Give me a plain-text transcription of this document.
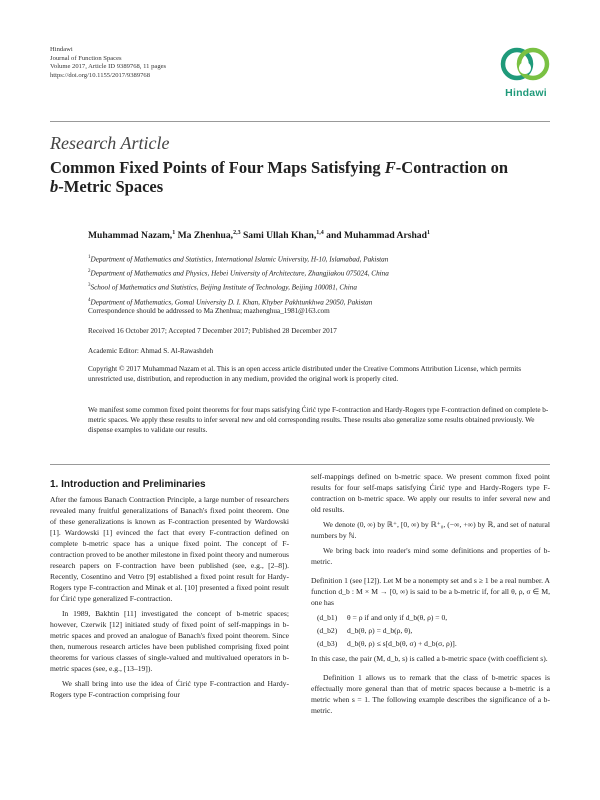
Hindawi
Journal of Function Spaces
Volume 2017, Article ID 9389768, 11 pages
https://doi.org/10.1155/2017/9389768
Hindawi
Research Article
Common Fixed Points of Four Maps Satisfying F-Contraction on
b-Metric Spaces
Muhammad Nazam,$^1$ Ma Zhenhua,$^{2,3}$ Sami Ullah Khan,$^{1,4}$ and Muhammad Arshad$^1$
$^1$Department of Mathematics and Statistics, International Islamic University, H-10, Islamabad, Pakistan
$^2$Department of Mathematics and Physics, Hebei University of Architecture, Zhangjiakou 075024, China
$^3$School of Mathematics and Statistics, Beijing Institute of Technology, Beijing 100081, China
$^4$Department of Mathematics, Gomal University D. I. Khan, Khyber Pakhtunkhwa 29050, Pakistan
Correspondence should be addressed to Ma Zhenhua; mazhenghua_1981@163.com
Received 16 October 2017; Accepted 7 December 2017; Published 28 December 2017
Academic Editor: Ahmad S. Al-Rawashdeh
Copyright © 2017 Muhammad Nazam et al. This is an open access article distributed under the Creative Commons Attribution License, which permits unrestricted use, distribution, and reproduction in any medium, provided the original work is properly cited.
We manifest some common fixed point theorems for four maps satisfying Ćirić type F-contraction and Hardy-Rogers type F-contraction defined on complete b-metric spaces. We apply these results to infer several new and old corresponding results. These results also generalize some results obtained previously. We dispense examples to validate our results.
1. Introduction and Preliminaries

After the famous Banach Contraction Principle, a large number of researchers revealed many fruitful generalizations of Banach's fixed point theorem. One of these generalizations is known as F-contraction presented by Wardowski [1]. Wardowski [1] evinced the fact that every F-contraction defined on complete b-metric space has a unique fixed point. The concept of F-contraction proved to be another milestone in fixed point theory and numerous research papers on F-contraction have been published (see, e.g., [2–8]). Recently, Cosentino and Vetro [9] established a fixed point result for Hardy-Rogers type F-contraction and Minak et al. [10] presented a fixed point result for Ćirić type generalized F-contraction.

In 1989, Bakhtin [11] investigated the concept of b-metric spaces; however, Czerwik [12] initiated study of fixed point of self-mappings in b-metric spaces and proved an analogue of Banach's fixed point theorem. Since then, numerous research articles have been published comprising fixed point theorems for various classes of single-valued and multivalued operators in b-metric spaces (see, e.g., [13–19]).

We shall bring into use the idea of Ćirić type F-contraction and Hardy-Rogers type F-contraction comprising four

self-mappings defined on b-metric space. We present common fixed point results for four self-maps satisfying Ćirić type and Hardy-Rogers type F-contraction on b-metric space. We apply our results to infer several new and old results.

We denote (0, ∞) by ℝ⁺, [0, ∞) by ℝ⁺₀, (−∞, +∞) by ℝ, and set of natural numbers by ℕ.

We bring back into reader's mind some definitions and properties of b-metric.

Definition 1 (see [12]). Let M be a nonempty set and s ≥ 1 be a real number. A function d_b : M × M → [0, ∞) is said to be a b-metric if, for all θ, ρ, σ ∈ M, one has

(d_b1) θ = ρ if and only if d_b(θ, ρ) = 0,
(d_b2) d_b(θ, ρ) = d_b(ρ, θ),
(d_b3) d_b(θ, ρ) ≤ s[d_b(θ, σ) + d_b(σ, ρ)].

In this case, the pair (M, d_b, s) is called a b-metric space (with coefficient s).

Definition 1 allows us to remark that the class of b-metric spaces is effectually more general than that of metric spaces because a b-metric is a metric when s = 1. The following example describes the significance of a b-metric.
